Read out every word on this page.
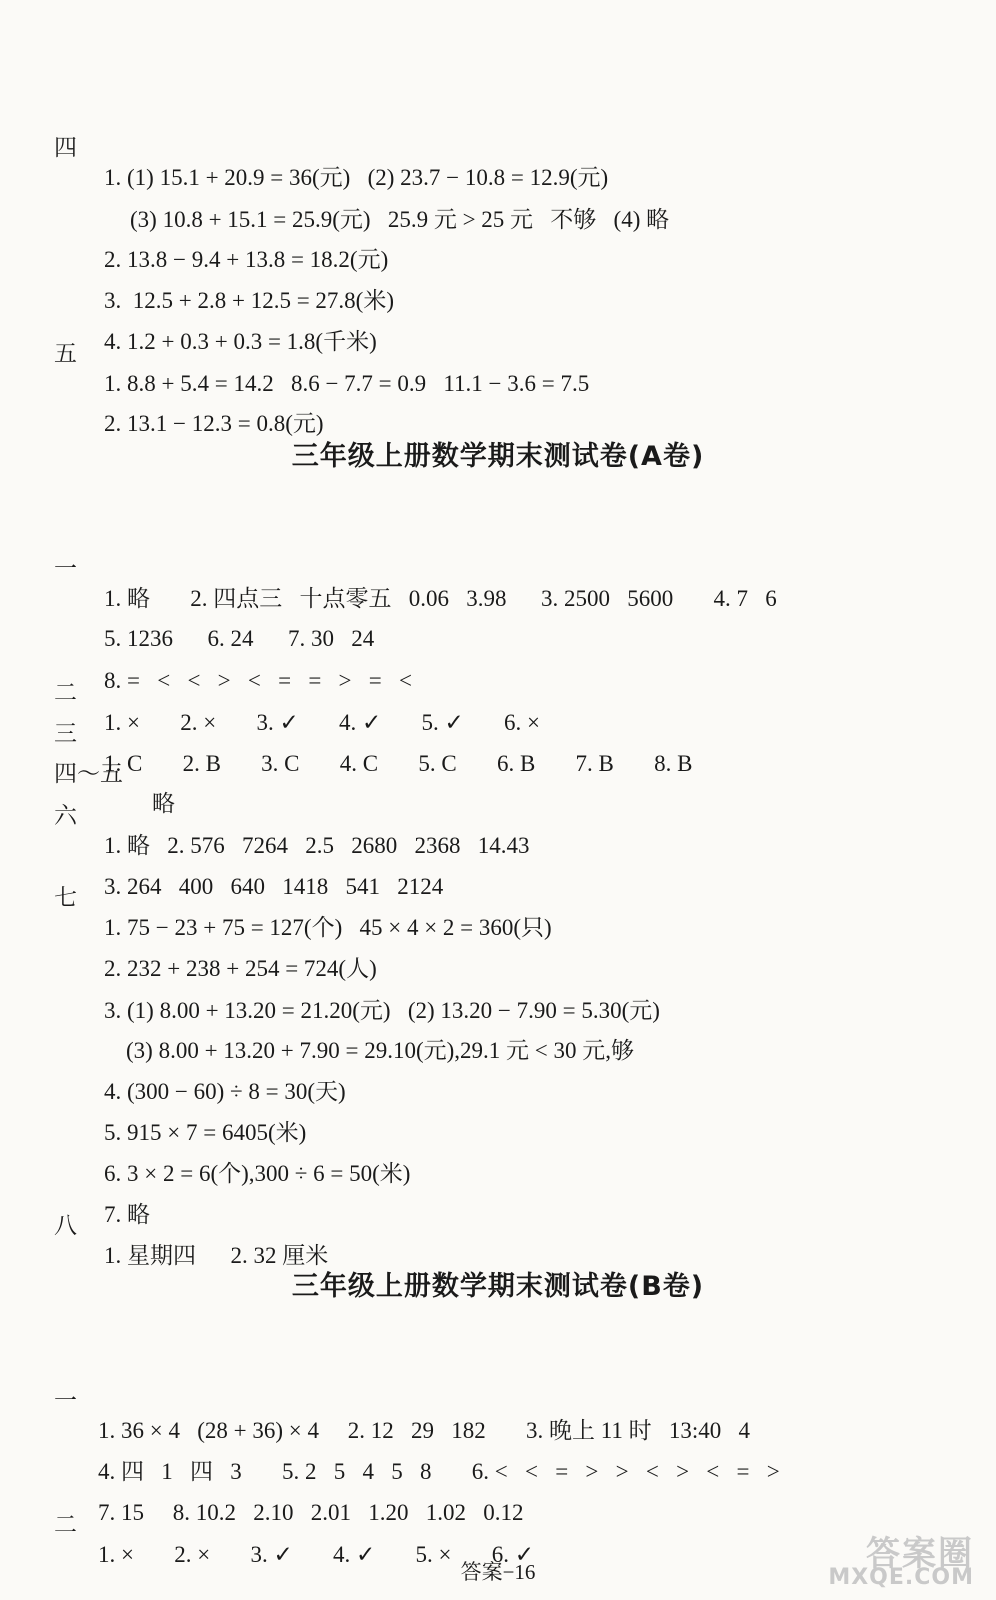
四

1. (1) 15.1 + 20.9 = 36(元)   (2) 23.7 − 10.8 = 12.9(元)

(3) 10.8 + 15.1 = 25.9(元)   25.9 元 > 25 元   不够   (4) 略

2. 13.8 − 9.4 + 13.8 = 18.2(元)

3.  12.5 + 2.8 + 12.5 = 27.8(米)

4. 1.2 + 0.3 + 0.3 = 1.8(千米)

五

1. 8.8 + 5.4 = 14.2   8.6 − 7.7 = 0.9   11.1 − 3.6 = 7.5

2. 13.1 − 12.3 = 0.8(元)

三年级上册数学期末测试卷(A卷)

一

1. 略       2. 四点三   十点零五   0.06   3.98      3. 2500   5600       4. 7   6

5. 1236      6. 24      7. 30   24

8. =   <   <   >   <   =   =   >   =   <

二

1. ×       2. ×       3. ✓       4. ✓       5. ✓       6. ×

三

1. C       2. B       3. C       4. C       5. C       6. B       7. B       8. B

四～五

略

六

1. 略   2. 576   7264   2.5   2680   2368   14.43

3. 264   400   640   1418   541   2124

七

1. 75 − 23 + 75 = 127(个)   45 × 4 × 2 = 360(只)

2. 232 + 238 + 254 = 724(人)

3. (1) 8.00 + 13.20 = 21.20(元)   (2) 13.20 − 7.90 = 5.30(元)

(3) 8.00 + 13.20 + 7.90 = 29.10(元),29.1 元 < 30 元,够

4. (300 − 60) ÷ 8 = 30(天)

5. 915 × 7 = 6405(米)

6. 3 × 2 = 6(个),300 ÷ 6 = 50(米)

7. 略

八

1. 星期四      2. 32 厘米

三年级上册数学期末测试卷(B卷)

一

1. 36 × 4   (28 + 36) × 4     2. 12   29   182       3. 晚上 11 时   13:40   4

4. 四   1   四   3       5. 2   5   4   5   8       6. <   <   =   >   >   <   >   <   =   >

7. 15     8. 10.2   2.10   2.01   1.20   1.02   0.12

二

1. ×       2. ×       3. ✓       4. ✓       5. ×       6. ✓

答案−16	答案圈
MXQE.COM
